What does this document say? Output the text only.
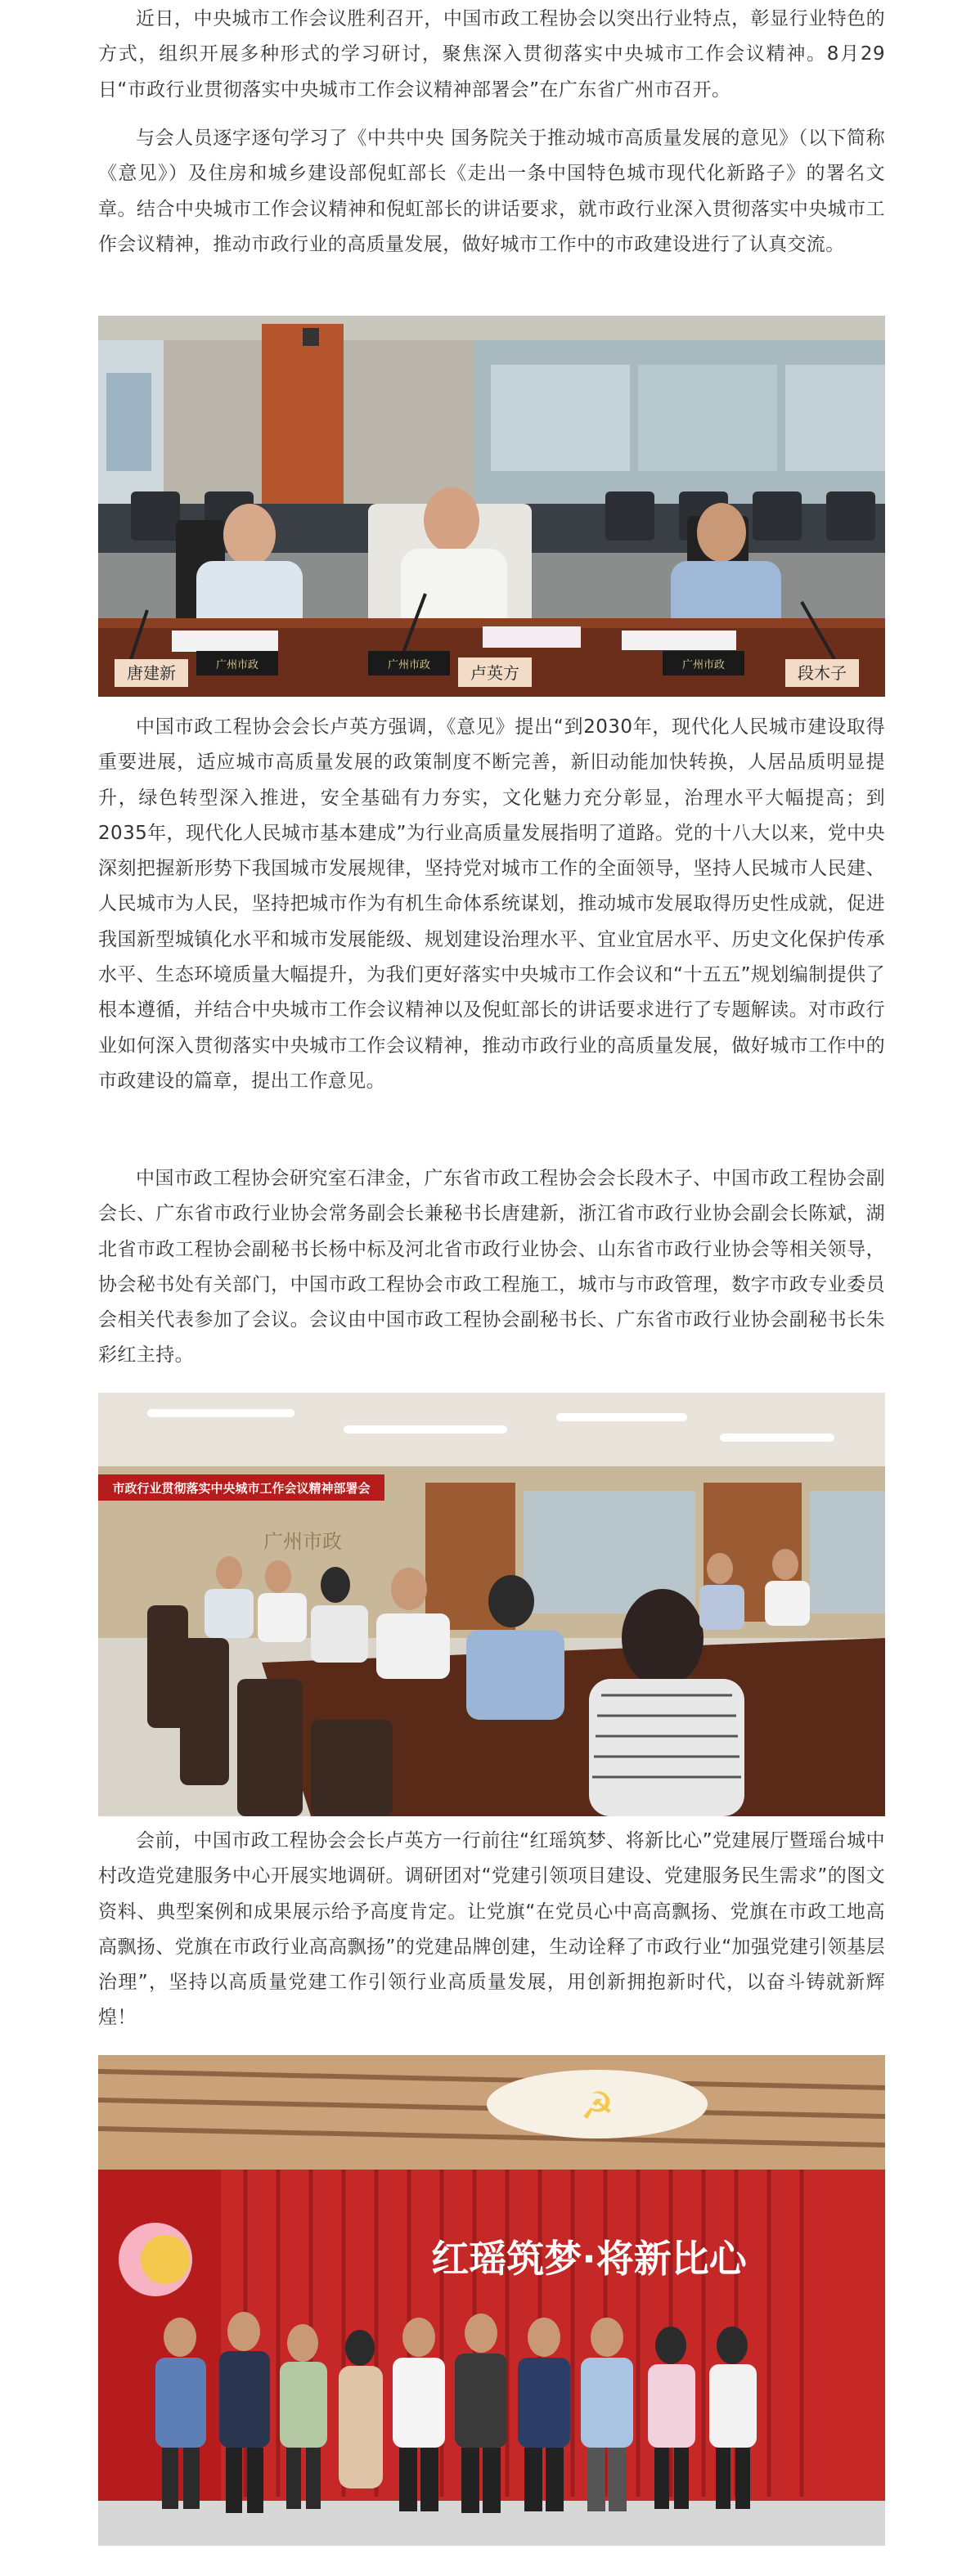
近日，中央城市工作会议胜利召开，中国市政工程协会以突出行业特点，彰显行业特色的方式，组织开展多种形式的学习研讨，聚焦深入贯彻落实中央城市工作会议精神。8月29日“市政行业贯彻落实中央城市工作会议精神部署会”在广东省广州市召开。

与会人员逐字逐句学习了《中共中央 国务院关于推动城市高质量发展的意见》（以下简称《意见》）及住房和城乡建设部倪虹部长《走出一条中国特色城市现代化新路子》的署名文章。结合中央城市工作会议精神和倪虹部长的讲话要求，就市政行业深入贯彻落实中央城市工作会议精神，推动市政行业的高质量发展，做好城市工作中的市政建设进行了认真交流。

广州市政	广州市政	广州市政
唐建新	卢英方	段木子

中国市政工程协会会长卢英方强调，《意见》提出“到2030年，现代化人民城市建设取得重要进展，适应城市高质量发展的政策制度不断完善，新旧动能加快转换，人居品质明显提升，绿色转型深入推进，安全基础有力夯实，文化魅力充分彰显，治理水平大幅提高；到2035年，现代化人民城市基本建成”为行业高质量发展指明了道路。党的十八大以来，党中央深刻把握新形势下我国城市发展规律，坚持党对城市工作的全面领导，坚持人民城市人民建、人民城市为人民，坚持把城市作为有机生命体系统谋划，推动城市发展取得历史性成就，促进我国新型城镇化水平和城市发展能级、规划建设治理水平、宜业宜居水平、历史文化保护传承水平、生态环境质量大幅提升，为我们更好落实中央城市工作会议和“十五五”规划编制提供了根本遵循，并结合中央城市工作会议精神以及倪虹部长的讲话要求进行了专题解读。对市政行业如何深入贯彻落实中央城市工作会议精神，推动市政行业的高质量发展，做好城市工作中的市政建设的篇章，提出工作意见。

中国市政工程协会研究室石津金，广东省市政工程协会会长段木子、中国市政工程协会副会长、广东省市政行业协会常务副会长兼秘书长唐建新，浙江省市政行业协会副会长陈斌，湖北省市政工程协会副秘书长杨中标及河北省市政行业协会、山东省市政行业协会等相关领导，协会秘书处有关部门，中国市政工程协会市政工程施工，城市与市政管理，数字市政专业委员会相关代表参加了会议。会议由中国市政工程协会副秘书长、广东省市政行业协会副秘书长朱彩红主持。

市政行业贯彻落实中央城市工作会议精神部署会
广州市政

会前，中国市政工程协会会长卢英方一行前往“红瑶筑梦、将新比心”党建展厅暨瑶台城中村改造党建服务中心开展实地调研。调研团对“党建引领项目建设、党建服务民生需求”的图文资料、典型案例和成果展示给予高度肯定。让党旗“在党员心中高高飘扬、党旗在市政工地高高飘扬、党旗在市政行业高高飘扬”的党建品牌创建，生动诠释了市政行业“加强党建引领基层治理”，坚持以高质量党建工作引领行业高质量发展，用创新拥抱新时代，以奋斗铸就新辉煌！

☭
红瑶筑梦·将新比心
